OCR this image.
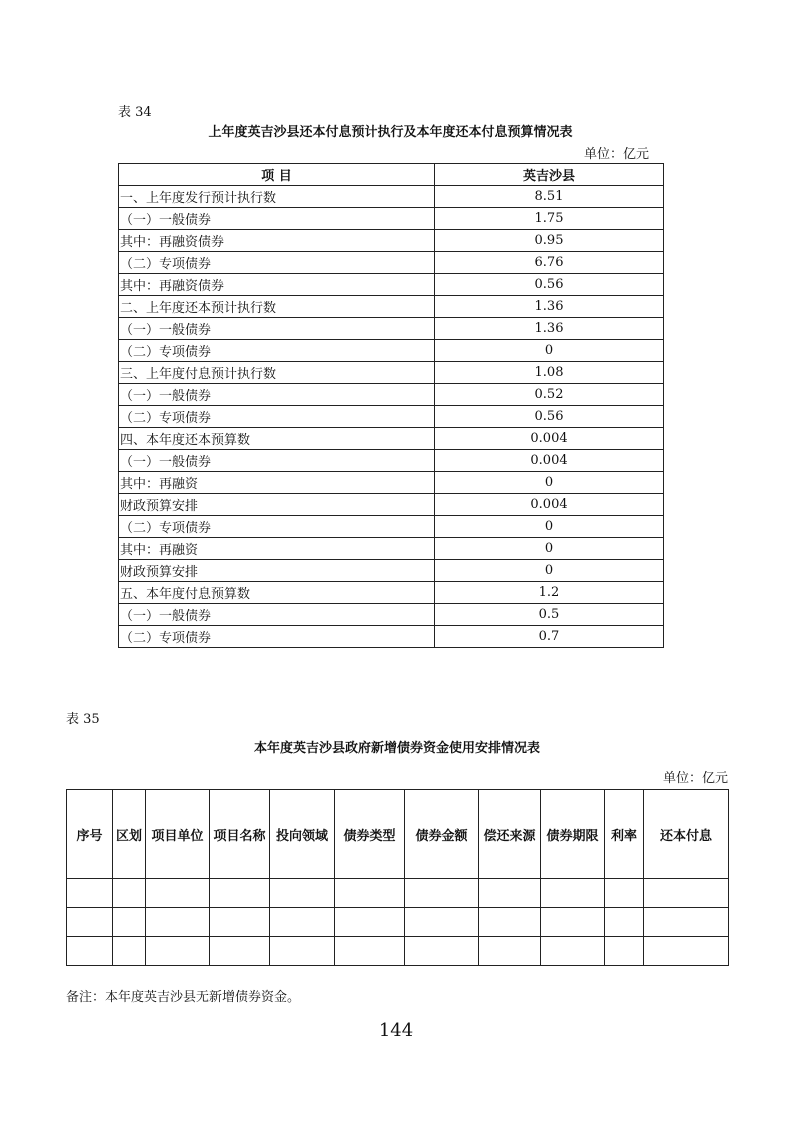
表 34
上年度英吉沙县还本付息预计执行及本年度还本付息预算情况表
单位：亿元
项 目	英吉沙县
一、上年度发行预计执行数	8.51
（一）一般债券	1.75
其中：再融资债券	0.95
（二）专项债券	6.76
其中：再融资债券	0.56
二、上年度还本预计执行数	1.36
（一）一般债券	1.36
（二）专项债券	0
三、上年度付息预计执行数	1.08
（一）一般债券	0.52
（二）专项债券	0.56
四、本年度还本预算数	0.004
（一）一般债券	0.004
其中：再融资	0
财政预算安排	0.004
（二）专项债券	0
其中：再融资	0
财政预算安排	0
五、本年度付息预算数	1.2
（一）一般债券	0.5
（二）专项债券	0.7
表 35
本年度英吉沙县政府新增债券资金使用安排情况表
单位：亿元
序号	区划	项目单位	项目名称	投向领域	债券类型	债券金额	偿还来源	债券期限	利率	还本付息

备注：本年度英吉沙县无新增债券资金。
144
